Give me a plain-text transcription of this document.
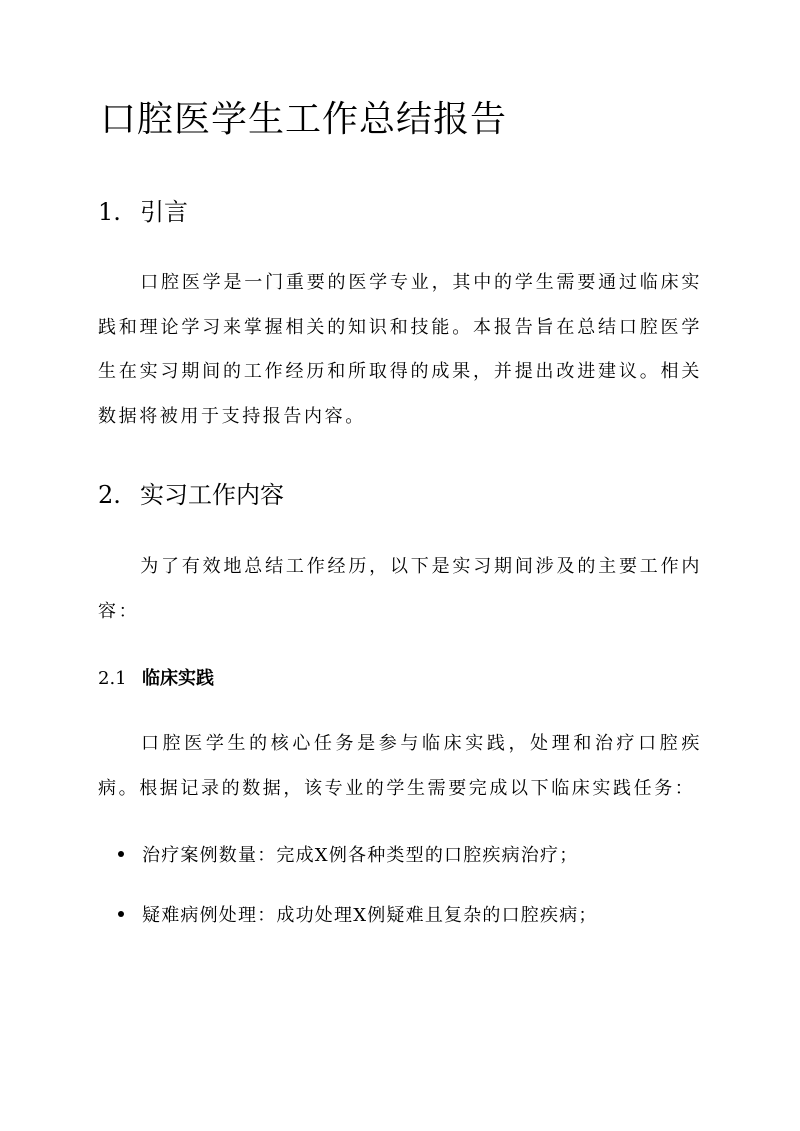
口腔医学生工作总结报告
1. 引言

口腔医学是一门重要的医学专业，其中的学生需要通过临床实践和理论学习来掌握相关的知识和技能。本报告旨在总结口腔医学生在实习期间的工作经历和所取得的成果，并提出改进建议。相关数据将被用于支持报告内容。

2. 实习工作内容

为了有效地总结工作经历，以下是实习期间涉及的主要工作内容：

2.1 临床实践

口腔医学生的核心任务是参与临床实践，处理和治疗口腔疾病。根据记录的数据，该专业的学生需要完成以下临床实践任务：

治疗案例数量：完成X例各种类型的口腔疾病治疗；
疑难病例处理：成功处理X例疑难且复杂的口腔疾病；
